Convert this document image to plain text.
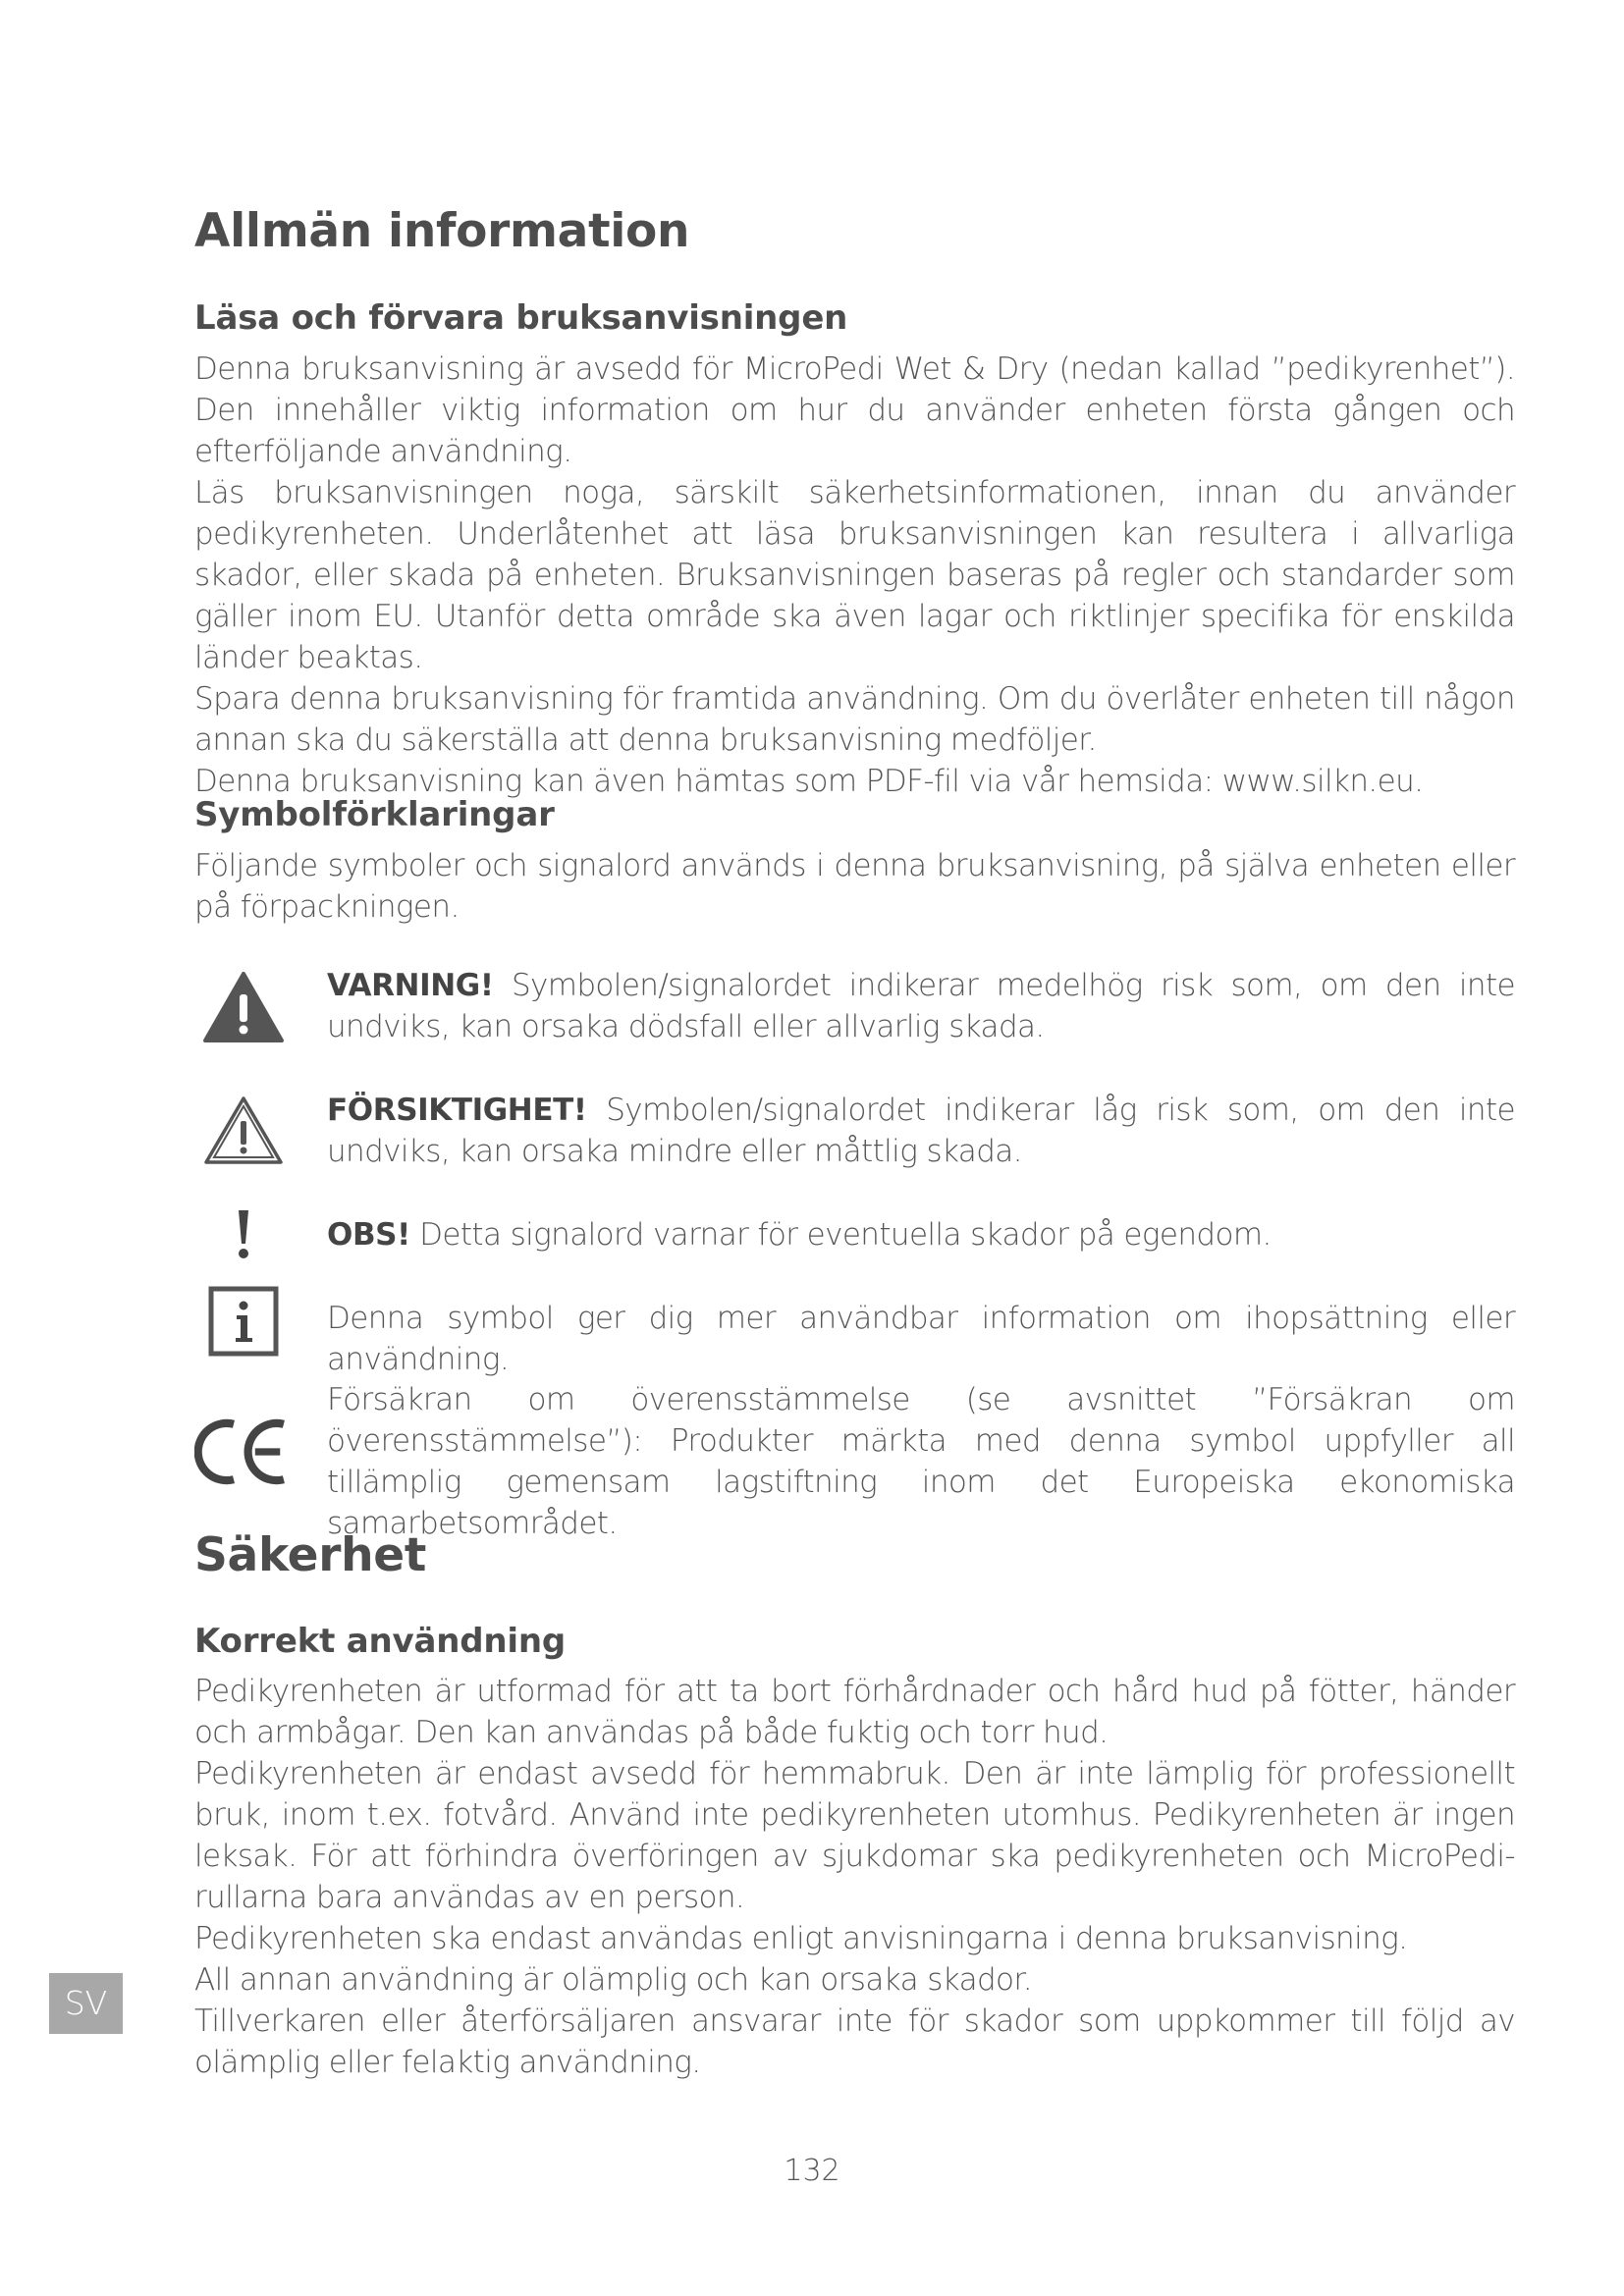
Allmän information
Läsa och förvara bruksanvisningen

Denna bruksanvisning är avsedd för MicroPedi Wet & Dry (nedan kallad ”pedikyrenhet”). Den innehåller viktig information om hur du använder enheten första gången och efterföljande användning.

Läs bruksanvisningen noga, särskilt säkerhetsinformationen, innan du använder pedikyrenheten. Underlåtenhet att läsa bruksanvisningen kan resultera i allvarliga skador, eller skada på enheten. Bruksanvisningen baseras på regler och standarder som gäller inom EU. Utanför detta område ska även lagar och riktlinjer specifika för enskilda länder beaktas.

Spara denna bruksanvisning för framtida användning. Om du överlåter enheten till någon annan ska du säkerställa att denna bruksanvisning medföljer.

Denna bruksanvisning kan även hämtas som PDF-fil via vår hemsida: www.silkn.eu.

Symbolförklaringar

Följande symboler och signalord används i denna bruksanvisning, på själva enheten eller på förpackningen.

VARNING! Symbolen/signalordet indikerar medelhög risk som, om den inte undviks, kan orsaka dödsfall eller allvarlig skada.

FÖRSIKTIGHET! Symbolen/signalordet indikerar låg risk som, om den inte undviks, kan orsaka mindre eller måttlig skada.

OBS! Detta signalord varnar för eventuella skador på egendom.

Denna symbol ger dig mer användbar information om ihopsättning eller användning.

Försäkran om överensstämmelse (se avsnittet ”Försäkran om överensstämmelse”): Produkter märkta med denna symbol uppfyller all tillämplig gemensam lagstiftning inom det Europeiska ekonomiska samarbetsområdet.

Säkerhet
Korrekt användning

Pedikyrenheten är utformad för att ta bort förhårdnader och hård hud på fötter, händer och armbågar. Den kan användas på både fuktig och torr hud.

Pedikyrenheten är endast avsedd för hemmabruk. Den är inte lämplig för professionellt bruk, inom t.ex. fotvård. Använd inte pedikyrenheten utomhus. Pedikyrenheten är ingen leksak. För att förhindra överföringen av sjukdomar ska pedikyrenheten och MicroPedi-rullarna bara användas av en person.

Pedikyrenheten ska endast användas enligt anvisningarna i denna bruksanvisning.

All annan användning är olämplig och kan orsaka skador.

Tillverkaren eller återförsäljaren ansvarar inte för skador som uppkommer till följd av olämplig eller felaktig användning.

SV
132
